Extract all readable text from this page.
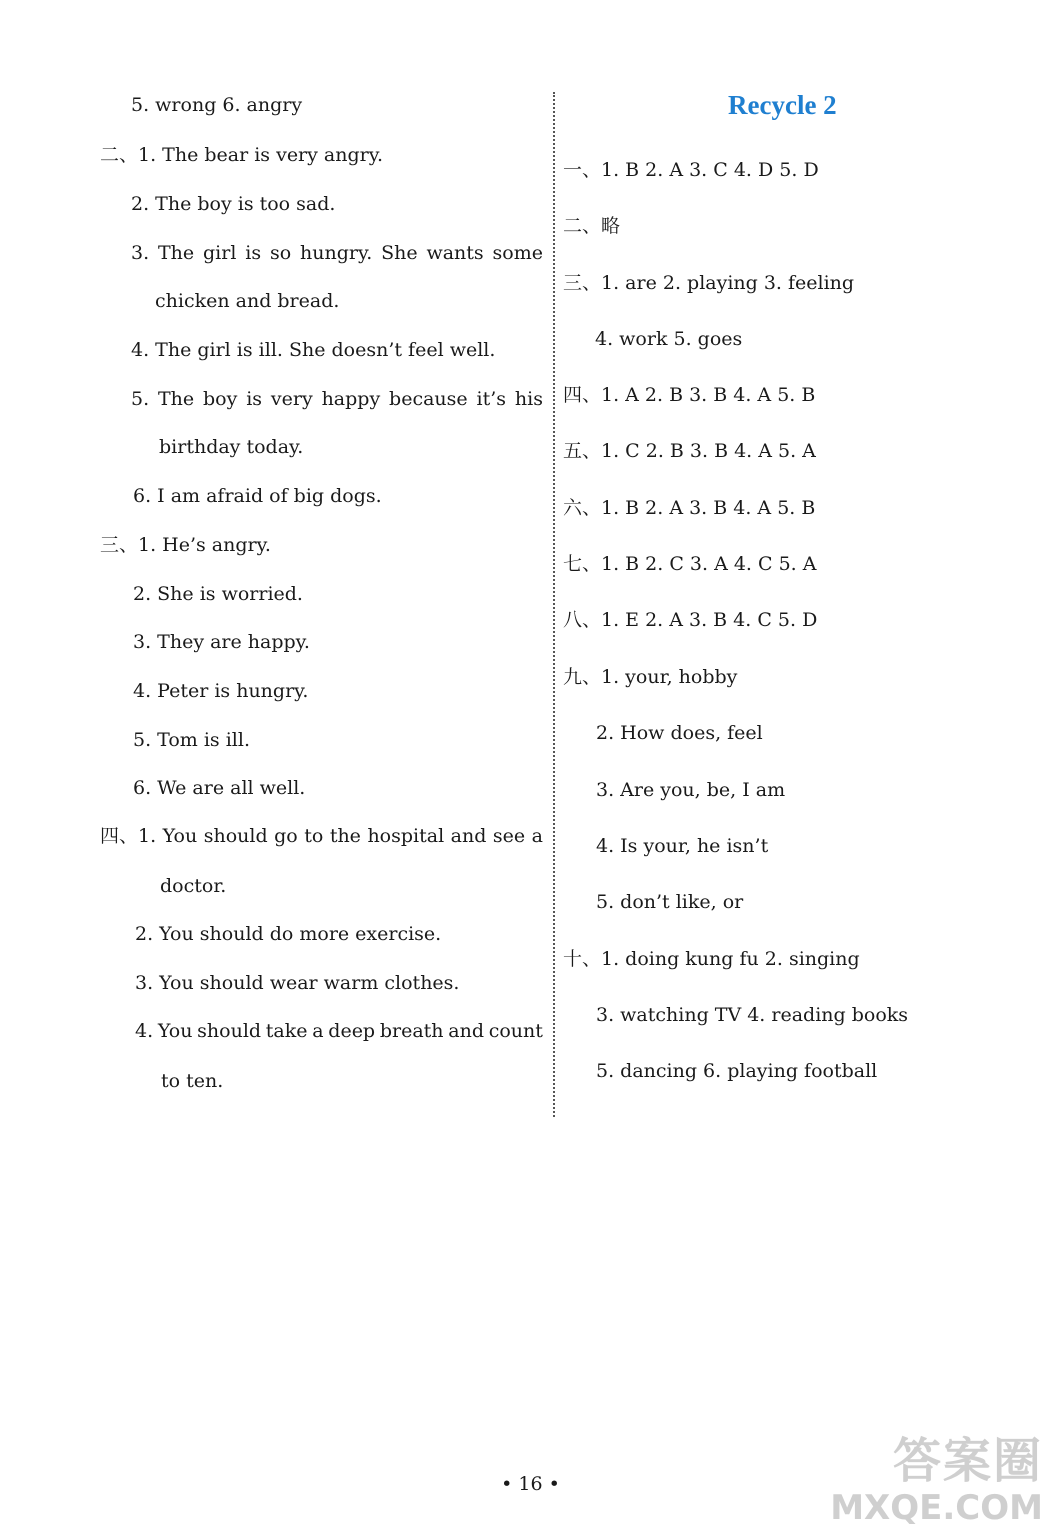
5. wrong 6. angry
二、1. The bear is very angry.
2. The boy is too sad.
3. The girl is so hungry. She wants some
chicken and bread.
4. The girl is ill. She doesn’t feel well.
5. The boy is very happy because it’s his
birthday today.
6. I am afraid of big dogs.
三、1. He’s angry.
2. She is worried.
3. They are happy.
4. Peter is hungry.
5. Tom is ill.
6. We are all well.
四、1. You should go to the hospital and see a
doctor.
2. You should do more exercise.
3. You should wear warm clothes.
4. You should take a deep breath and count
to ten.
Recycle 2
一、1. B 2. A 3. C 4. D 5. D
二、略
三、1. are 2. playing 3. feeling
4. work 5. goes
四、1. A 2. B 3. B 4. A 5. B
五、1. C 2. B 3. B 4. A 5. A
六、1. B 2. A 3. B 4. A 5. B
七、1. B 2. C 3. A 4. C 5. A
八、1. E 2. A 3. B 4. C 5. D
九、1. your, hobby
2. How does, feel
3. Are you, be, I am
4. Is your, he isn’t
5. don’t like, or
十、1. doing kung fu 2. singing
3. watching TV 4. reading books
5. dancing 6. playing football
• 16 •	答案圈
MXQE.COM
